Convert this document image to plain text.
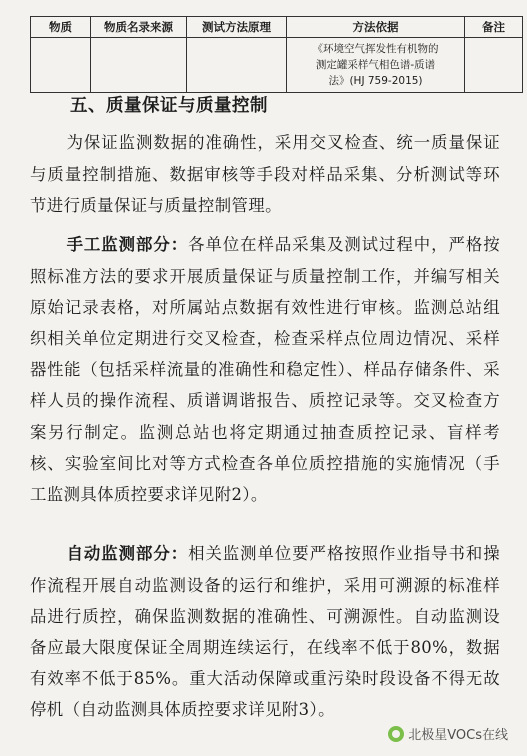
物质	物质名录来源	测试方法原理	方法依据	备注

			《环境空气挥发性有机物的
测定罐采样气相色谱-质谱
法》(HJ 759-2015)	

五、质量保证与质量控制

为保证监测数据的准确性，采用交叉检查、统一质量保证与质量控制措施、数据审核等手段对样品采集、分析测试等环节进行质量保证与质量控制管理。

手工监测部分：各单位在样品采集及测试过程中，严格按照标准方法的要求开展质量保证与质量控制工作，并编写相关原始记录表格，对所属站点数据有效性进行审核。监测总站组织相关单位定期进行交叉检查，检查采样点位周边情况、采样器性能（包括采样流量的准确性和稳定性）、样品存储条件、采样人员的操作流程、质谱调谐报告、质控记录等。交叉检查方案另行制定。监测总站也将定期通过抽查质控记录、盲样考核、实验室间比对等方式检查各单位质控措施的实施情况（手工监测具体质控要求详见附2）。

自动监测部分：相关监测单位要严格按照作业指导书和操作流程开展自动监测设备的运行和维护，采用可溯源的标准样品进行质控，确保监测数据的准确性、可溯源性。自动监测设备应最大限度保证全周期连续运行，在线率不低于80%，数据有效率不低于85%。重大活动保障或重污染时段设备不得无故停机（自动监测具体质控要求详见附3）。

北极星VOCs在线
